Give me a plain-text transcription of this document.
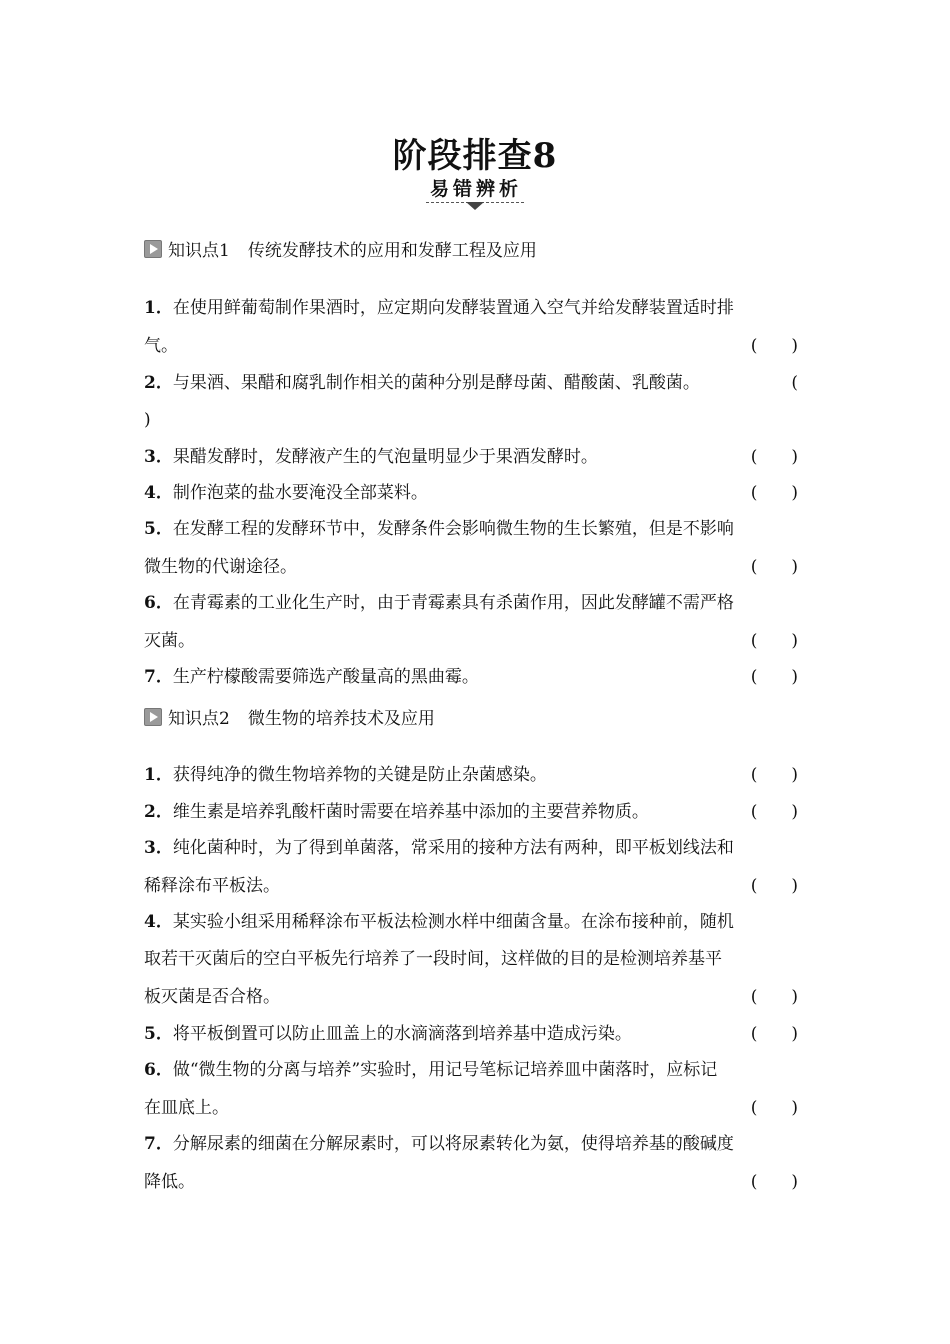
阶段排查8
易错辨析
知识点1 传统发酵技术的应用和发酵工程及应用
1．在使用鲜葡萄制作果酒时，应定期向发酵装置通入空气并给发酵装置适时排
气。	(　　)
2．与果酒、果醋和腐乳制作相关的菌种分别是酵母菌、醋酸菌、乳酸菌。	(
)
3．果醋发酵时，发酵液产生的气泡量明显少于果酒发酵时。	(　　)
4．制作泡菜的盐水要淹没全部菜料。	(　　)
5．在发酵工程的发酵环节中，发酵条件会影响微生物的生长繁殖，但是不影响
微生物的代谢途径。	(　　)
6．在青霉素的工业化生产时，由于青霉素具有杀菌作用，因此发酵罐不需严格
灭菌。	(　　)
7．生产柠檬酸需要筛选产酸量高的黑曲霉。	(　　)
知识点2 微生物的培养技术及应用
1．获得纯净的微生物培养物的关键是防止杂菌感染。	(　　)
2．维生素是培养乳酸杆菌时需要在培养基中添加的主要营养物质。	(　　)
3．纯化菌种时，为了得到单菌落，常采用的接种方法有两种，即平板划线法和
稀释涂布平板法。	(　　)
4．某实验小组采用稀释涂布平板法检测水样中细菌含量。在涂布接种前，随机
取若干灭菌后的空白平板先行培养了一段时间，这样做的目的是检测培养基平
板灭菌是否合格。	(　　)
5．将平板倒置可以防止皿盖上的水滴滴落到培养基中造成污染。	(　　)
6．做“微生物的分离与培养”实验时，用记号笔标记培养皿中菌落时，应标记
在皿底上。	(　　)
7．分解尿素的细菌在分解尿素时，可以将尿素转化为氨，使得培养基的酸碱度
降低。	(　　)
